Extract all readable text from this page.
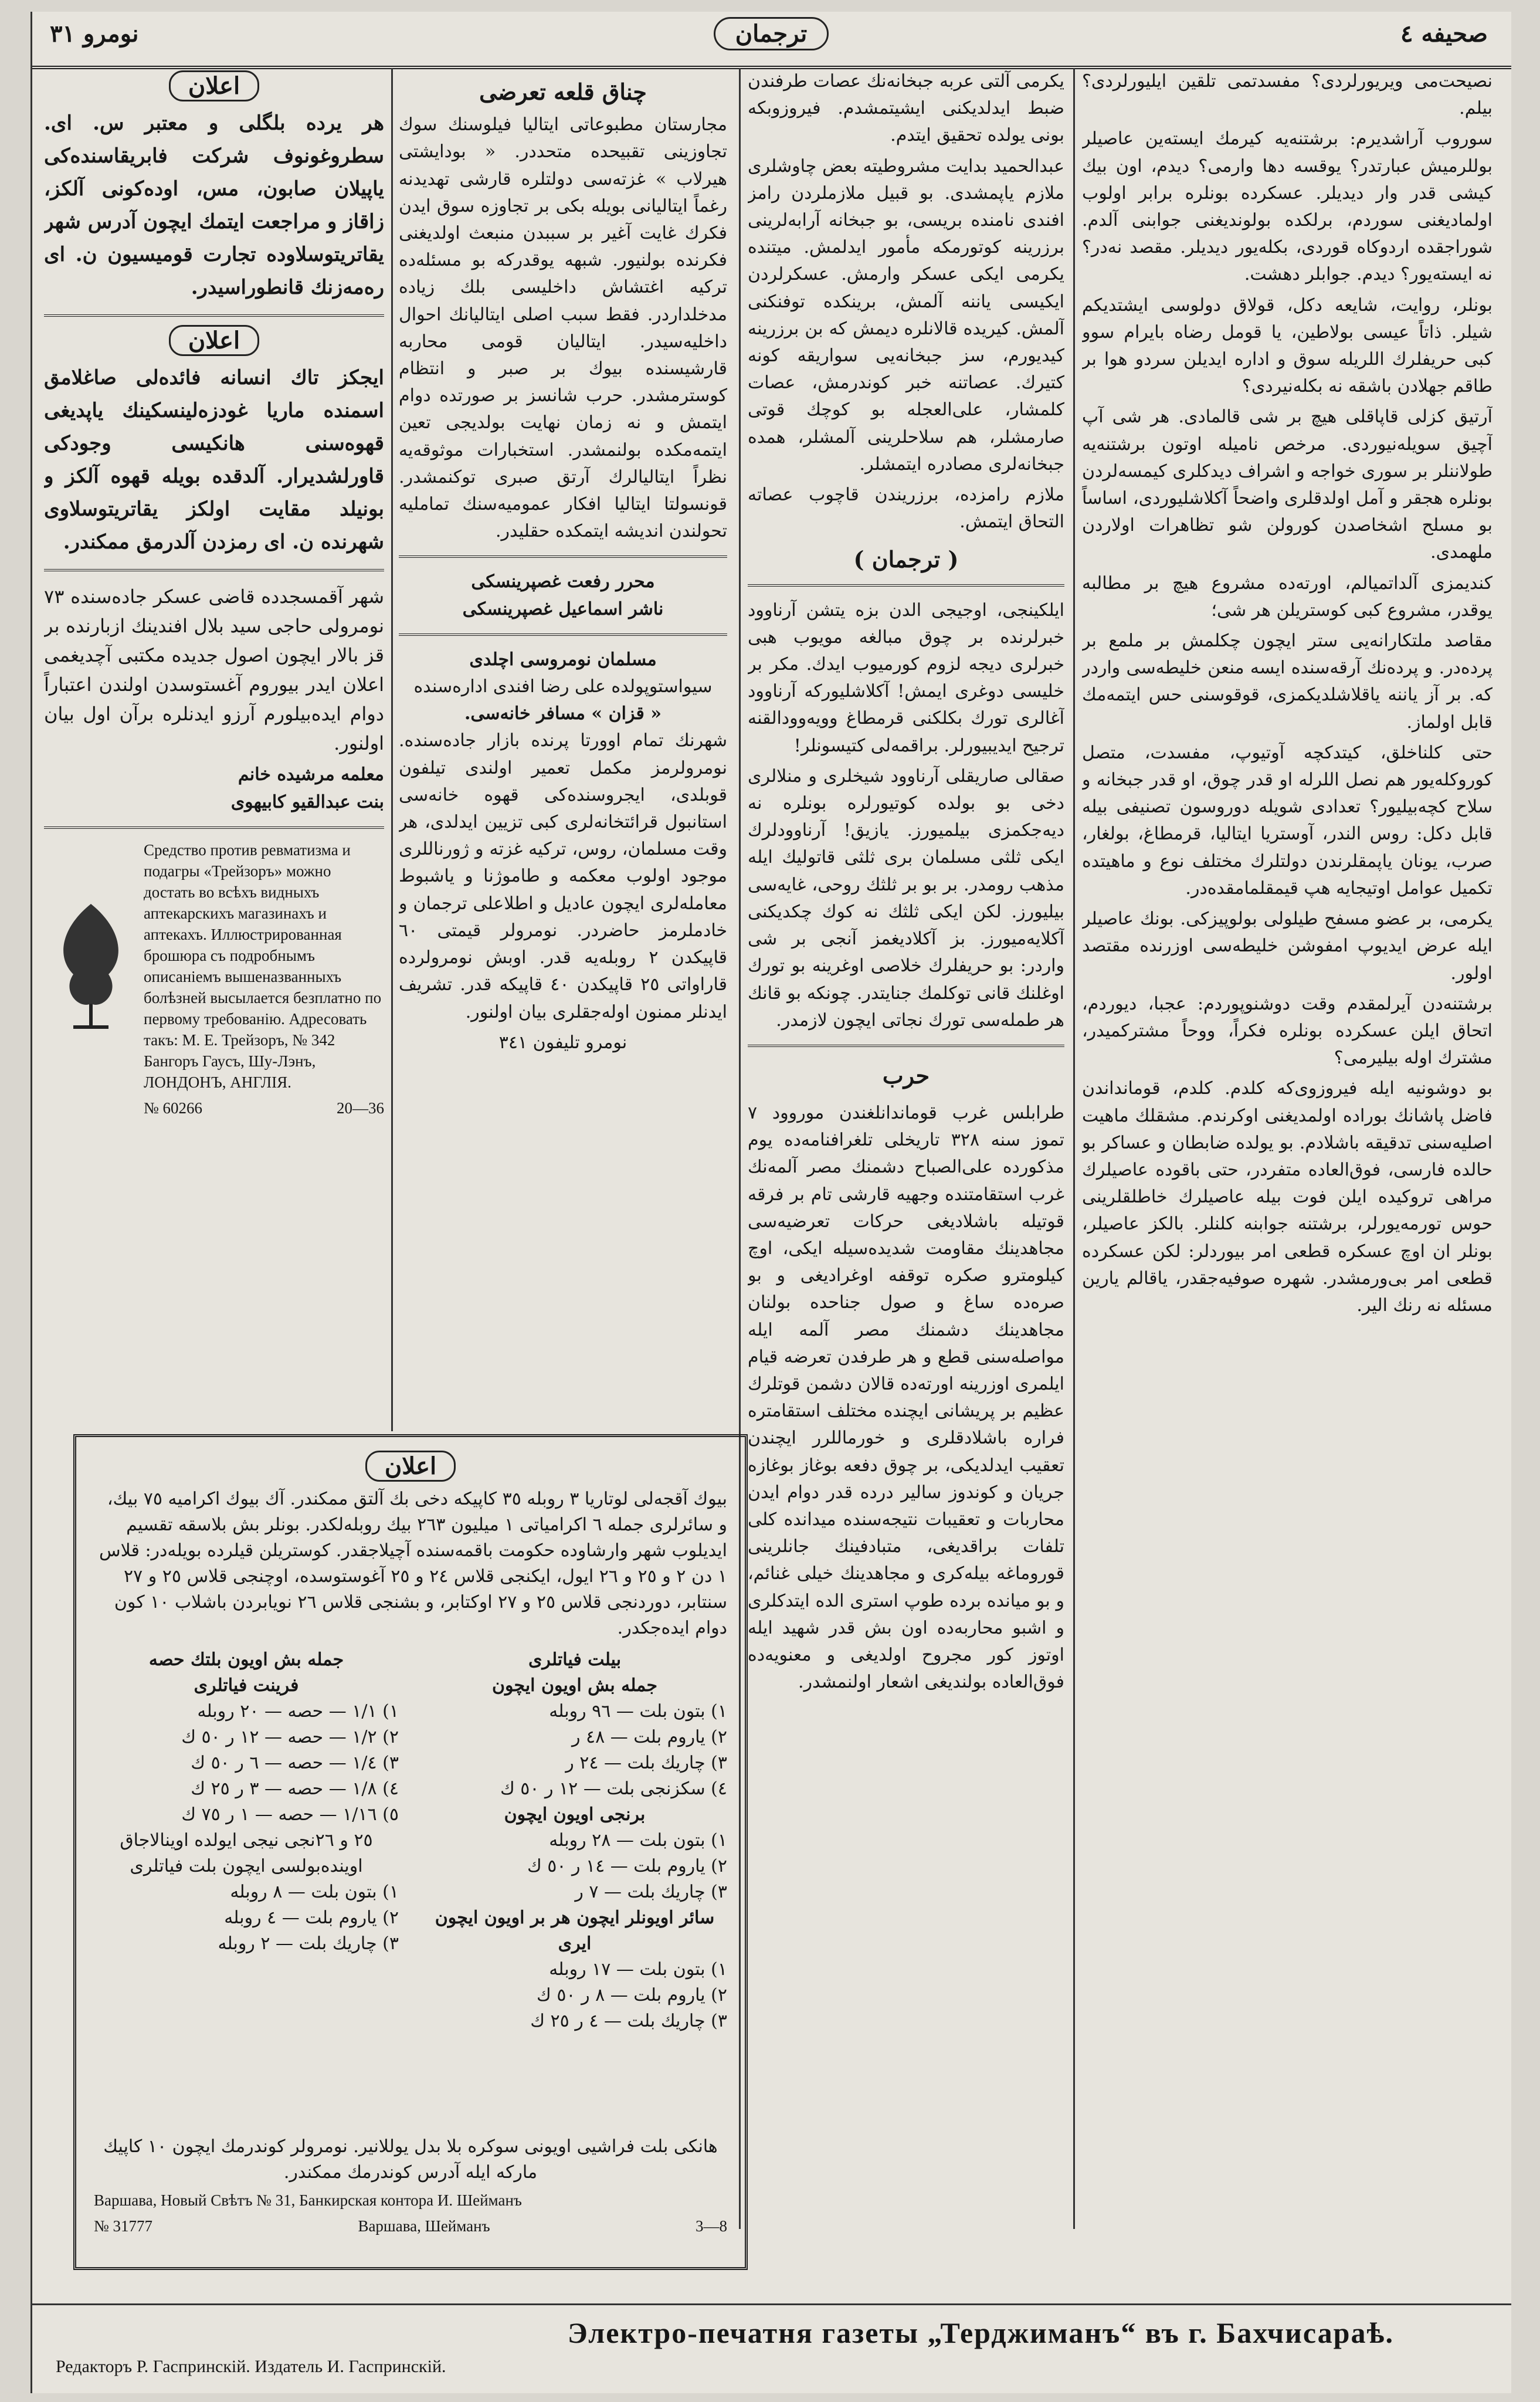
نومرو ٣١	ترجمان	صحیفه ٤

نصیحت‌می ویریورلردی؟ مفسدتمی تلقین ایلیورلردی؟ بیلم.

سوروب آراشدیرم: برشتنه‌یه کیرمك ایسته‌ین عاصیلر بوللرمیش عبارتدر؟ یوقسه دها وارمی؟ دیدم، اون بیك کیشی قدر وار دیدیلر. عسکرده بونلره برابر اولوب اولمادیغنی سوردم، برلکده بولوندیغنی جوابنی آلدم. شوراجقده اردوکاه قوردی، بکله‌یور دیدیلر. مقصد نه‌در؟ نه ایسته‌یور؟ دیدم. جوابلر دهشت.

بونلر، روایت، شایعه دکل، قولاق دولوسی ایشتدیکم شیلر. ذاتاً عیسی بولاطین، یا قومل رضاه بایرام سوو کبی حریفلرك اللریله سوق و اداره ایدیلن سردو هوا بر طاقم جهلادن باشقه نه بکله‌نیردی؟

آرتیق کزلی قاپاقلی هیچ بر شی قالمادی. هر شی آپ آچیق سویله‌نیوردی. مرخص نامیله اوتون برشتنه‌یه طولاننلر بر سوری خواجه و اشراف دیدکلری کیمسه‌لردن بونلره هجقر و آمل اولدقلری واضحاً آکلاشلیوردی، اساساً بو مسلح اشخاصدن کورولن شو تظاهرات اولاردن ملهمدی.

کندیمزی آلداتمیالم، اورته‌ده مشروع هیچ بر مطالبه یوقدر، مشروع کبی کوستریلن هر شی؛

مقاصد ملتکارانه‌یی ستر ایچون چکلمش بر ملمع بر پرده‌در. و پرده‌نك آرقه‌سنده ایسه منعن خلیطه‌سی واردر که. بر آز یاننه یاقلاشلدیکمزی، قوقوسنی حس ایتمه‌مك قابل اولماز.

حتی کلناخلق، کیتدکچه آوتیوپ، مفسدت، متصل کوروکله‌یور هم نصل اللرله او قدر چوق، او قدر جبخانه و سلاح کچه‌بیلیور؟ تعدادی شویله دوروسون تصنیفی بیله قابل دکل: روس الندر، آوستریا ایتالیا، قرمطاغ، بولغار، صرب، یونان یاپمقلرندن دولتلرك مختلف نوع و ماهیتده تکمیل عوامل اوتیجایه هپ قیمقلمامقده‌در.

یکرمی، بر عضو مسفح طیلولی بولوپیزکی. بونك عاصیلر ایله عرض ایدیوپ امفوشن خلیطه‌سی اوزرنده مقتصد اولور.

برشتنه‌دن آیرلمقدم وقت دوشنوپوردم: عجبا، دیوردم، اتحاق ایلن عسکرده بونلره فکراً، ووحاً مشترکمیدر، مشترك اوله بیلیرمی؟

بو دوشونیه ایله فیروزوی‌که کلدم. کلدم، قومانداندن فاضل پاشانك بوراده اولمدیغنی اوکرندم. مشقلك ماهیت اصلیه‌سنی تدقیقه باشلادم. بو یولده ضابطان و عساکر بو حالده فارسی، فوق‌العاده متفردر، حتی باقوده عاصیلرك مراهی تروکیده ایلن فوت بیله عاصیلرك خاطلقلرینی حوس تورمه‌یورلر، برشتنه جوابنه کلنلر. بالکز عاصیلر، بونلر ان اوچ عسکره قطعی امر بیوردلر: لکن عسکرده قطعی امر بی‌ورمشدر. شهره صوفیه‌جقدر، یاقالم یارین مسئله نه رنك الیر.

یکرمی آلتی عربه جبخانه‌نك عصات طرفندن ضبط ایدلدیکنی ایشیتمشدم. فیروزوبکه بونی یولده تحقیق ایتدم.

عبدالحمید بدایت مشروطیته بعض چاوشلری ملازم یاپمشدی. بو قبیل ملازملردن رامز افندی نامنده بریسی، بو جبخانه آرابه‌لرینی برزرینه کوتورمکه مأمور ایدلمش. میتنده یکرمی ایکی عسکر وارمش. عسکرلردن ایکیسی یاننه آلمش، برینکده توفنکنی آلمش. کیریده قالانلره دیمش که بن برزرینه کیدیورم، سز جبخانه‌یی سواریقه کونه کتیرك. عصاتنه خبر کوندرمش، عصات کلمشار، علی‌العجله بو کوچك قوتی صارمشلر، هم سلاحلرینی آلمشلر، همده جبخانه‌لری مصادره ایتمشلر.

ملازم رامزده، برزریندن قاچوب عصاته التحاق ایتمش.

( ترجمان )

ایلکینجی، اوجیجی الدن بزه یتشن آرناوود خبرلرنده بر چوق مبالغه مویوب هبی خبرلری دیجه لزوم کورمیوب ایدك. مکر بر خلیسی دوغری ایمش! آکلاشلیورکه آرناوود آغالری تورك بکلکنی قرمطاغ وویه‌وودالقنه ترجیح ایدیبیورلر. براقمه‌لی کتیسونلر!

صقالی صاریقلی آرناوود شیخلری و منلالری دخی بو بولده کوتیورلره بونلره نه دیه‌جکمزی بیلمیورز. یازیق! آرناوودلرك ایکی ثلثی مسلمان بری ثلثی قاتولیك ایله مذهب رومدر. بر بو بر ثلثك روحی، غایه‌سی بیلیورز. لکن ایکی ثلثك نه کوك چکدیکنی آکلایه‌میورز. بز آکلادیغمز آنجی بر شی واردر: بو حریفلرك خلاصی اوغرینه بو تورك اوغلنك قانی توکلمك جنایتدر. چونکه بو قانك هر طمله‌سی تورك نجاتی ایچون لازمدر.

حرب

طرابلس غرب قوماندانلغندن موروود ٧ تموز سنه ٣٢٨ تاریخلی تلغرافنامه‌ده یوم مذکورده علی‌الصباح دشمنك مصر آلمه‌نك غرب استقامتنده وجهیه قارشی تام بر فرقه قوتیله باشلادیغی حرکات تعرضیه‌سی مجاهدینك مقاومت شدیده‌سیله ایکی، اوچ کیلومترو صکره توقفه اوغرادیغی و بو صره‌ده ساغ و صول جناحده بولنان مجاهدینك دشمنك مصر آلمه ایله مواصله‌سنی قطع و هر طرفدن تعرضه قیام ایلمری اوزرینه اورته‌ده قالان دشمن قوتلرك عظیم بر پریشانی ایچنده مختلف استقامتره فراره باشلادقلری و خورماللرر ایچندن تعقیب ایدلدیکی، بر چوق دفعه بوغاز بوغازه جریان و کوندوز سالیر درده قدر دوام ایدن محاربات و تعقیبات نتیجه‌سنده میدانده کلی تلفات براقدیغی، متبادفینك جانلرینی قوروماغه بیله‌کری و مجاهدینك خیلی غنائم، و بو میانده برده طوپ استری الده ایتدکلری و اشبو محاربه‌ده اون بش قدر شهید ایله اوتوز کور مجروح اولدیغی و معنویه‌ده فوق‌العاده بولندیغی اشعار اولنمشدر.

چناق قلعه تعرضی

مجارستان مطبوعاتی ایتالیا فیلوسنك سوك تجاوزینی تقبیحده متحددر. « بودایشتی هیرلاب » غزته‌سی دولتلره قارشی تهدیدنه رغماً ایتالیانی بویله بکی بر تجاوزه سوق ایدن فکرك غایت آغیر بر سببدن منبعث اولدیغنی فکرنده بولنیور. شبهه یوقدرکه بو مسئله‌ده ترکیه اغتشاش داخلیسی بلك زیاده مدخلداردر. فقط سبب اصلی ایتالیانك احوال داخلیه‌سیدر. ایتالیان قومی محاربه قارشیسنده بیوك بر صبر و انتظام کوسترمشدر. حرب شانسز بر صورتده دوام ایتمش و نه زمان نهایت بولدیجی تعین ایتمه‌مکده بولنمشدر. استخبارات موثوقه‌یه نظراً ایتالیالرك آرتق صبری توکنمشدر. قونسولتا ایتالیا افکار عمومیه‌سنك تماملیه تحولندن اندیشه ایتمکده حقلیدر.

محرر رفعت غصپرینسکی
ناشر اسماعیل غصپرینسکی
مسلمان نومروسی اچلدی
سیواستوپولده علی رضا افندی اداره‌سنده
« قزان » مسافر خانه‌سی.

شهرنك تمام اوورتا پرنده بازار جاده‌سنده. نومرولرمز مکمل تعمیر اولندی تیلفون قوبلدی، ایجروسنده‌کی قهوه خانه‌سی استانبول قرائتخانه‌لری کبی تزیین ایدلدی، هر وقت مسلمان، روس، ترکیه غزته و ژورناللری موجود اولوب معکمه و طاموژنا و یاشبوط معامله‌لری ایچون عادیل و اطلاعلی ترجمان و خادملرمز حاضردر. نومرولر قیمتی ٦٠ قاپیکدن ٢ روبله‌یه قدر. اوبش نومرولرده قاراواتی ٢٥ قاپیکدن ٤٠ قاپیکه قدر. تشریف ایدنلر ممنون اوله‌جقلری بیان اولنور.

نومرو تلیفون ٣٤١

اعلان

هر یرده بلگلی و معتبر س. ای. سطروغونوف شرکت فابریقاسنده‌کی یاپیلان صابون، مس، اوده‌کونی آلکز، زاقاز و مراجعت ایتمك ایچون آدرس شهر یقاتریتوسلاوده تجارت قومیسیون ن. ای ره‌مه‌زنك قانطوراسیدر.

اعلان

ایجکز تاك انسانه فائده‌لی صاغلامق اسمنده ماریا غودزه‌لینسکینك یاپدیغی قهوه‌سنی هانکیسی وجودکی قاورلشدیرار. آلدقده بویله قهوه آلکز و بونیلد مقایت اولکز یقاتریتوسلاوی شهرنده ن. ای رمزدن آلدرمق ممکندر.

شهر آقمسجدده قاضی عسکر جاده‌سنده ٧٣ نومرولی حاجی سید بلال افندینك ازبارنده بر قز بالار ایچون اصول جدیده مکتبی آچدیغمی اعلان ایدر بیوروم آغستوسدن اولندن اعتباراً دوام ایده‌بیلورم آرزو ایدنلره برآن اول بیان اولنور.

معلمه مرشیده خانم
بنت عبدالقیو کابیهوی
Средство против ревматизма и подагры «Трейзоръ» можно достать во всѣхъ видныхъ аптекарскихъ магазинахъ и аптекахъ. Иллюстрированная брошюра съ подробнымъ описаніемъ вышеназванныхъ болѣзней высылается безплатно по первому требованію. Адресовать такъ: М. Е. Трейзоръ, № 342 Бангоръ Гаусъ, Шу-Лэнъ, ЛОНДОНЪ, АНГЛІЯ.
№ 60266	20—36
اعلان

بیوك آقجه‌لی لوتاریا ٣ روبله ٣٥ کاپیکه دخی بك آلتق ممکندر. آك بیوك اکرامیه ٧٥ بیك، و سائرلری جمله ٦ اکرامیاتی ١ میلیون ٢٦٣ بیك روبله‌لکدر. بونلر بش بلاسقه تقسیم ایدیلوب شهر وارشاوده حکومت باقمه‌سنده آچیلاجقدر. کوستریلن قیلرده بویله‌در: قلاس ١ دن ٢ و ٢٥ و ٢٦ ایول، ایکنجی قلاس ٢٤ و ٢٥ آغوستوسده، اوچنجی قلاس ٢٥ و ٢٧ سنتابر، دوردنجی قلاس ٢٥ و ٢٧ اوکتابر، و بشنجی قلاس ٢٦ نویابردن باشلاب ١٠ کون دوام ایده‌جکدر.

بیلت فیاتلری
جمله بش اویون ایچون
١) بتون بلت — ٩٦ روبله
٢) یاروم بلت — ٤٨ ر
٣) چاریك بلت — ٢٤ ر
٤) سکزنجی بلت — ١٢ ر ٥٠ ك
برنجی اویون ایچون
١) بتون بلت — ٢٨ روبله
٢) یاروم بلت — ١٤ ر ٥٠ ك
٣) چاریك بلت — ٧ ر
سائر اویونلر ایچون هر بر اویون ایچون ایری
١) بتون بلت — ١٧ روبله
٢) یاروم بلت — ٨ ر ٥٠ ك
٣) چاریك بلت — ٤ ر ٢٥ ك
جمله بش اویون بلتك حصه
فرینت فیاتلری
١) ١/١ — حصه — ٢٠ روبله
٢) ١/٢ — حصه — ١٢ ر ٥٠ ك
٣) ١/٤ — حصه — ٦ ر ٥٠ ك
٤) ١/٨ — حصه — ٣ ر ٢٥ ك
٥) ١/١٦ — حصه — ١ ر ٧٥ ك
٢٥ و ٢٦‌نجی نیجی ایولده اوینالاجاق اوینده‌بولسی ایچون بلت فیاتلری
١) بتون بلت — ٨ روبله
٢) یاروم بلت — ٤ روبله
٣) چاریك بلت — ٢ روبله

هانکی بلت فراشیی اویونی سوکره بلا بدل یوللانیر. نومرولر کوندرمك ایچون ١٠ کاپیك ماركه ایله آدرس کوندرمك ممکندر.

Варшава, Новый Свѣтъ № 31, Банкирская контора И. Шейманъ
№ 31777	Варшава, Шейманъ	3—8
Электро-печатня газеты „Терджиманъ“ въ г. Бахчисараѣ.
Редакторъ Р. Гаспринскій. Издатель И. Гаспринскій.
